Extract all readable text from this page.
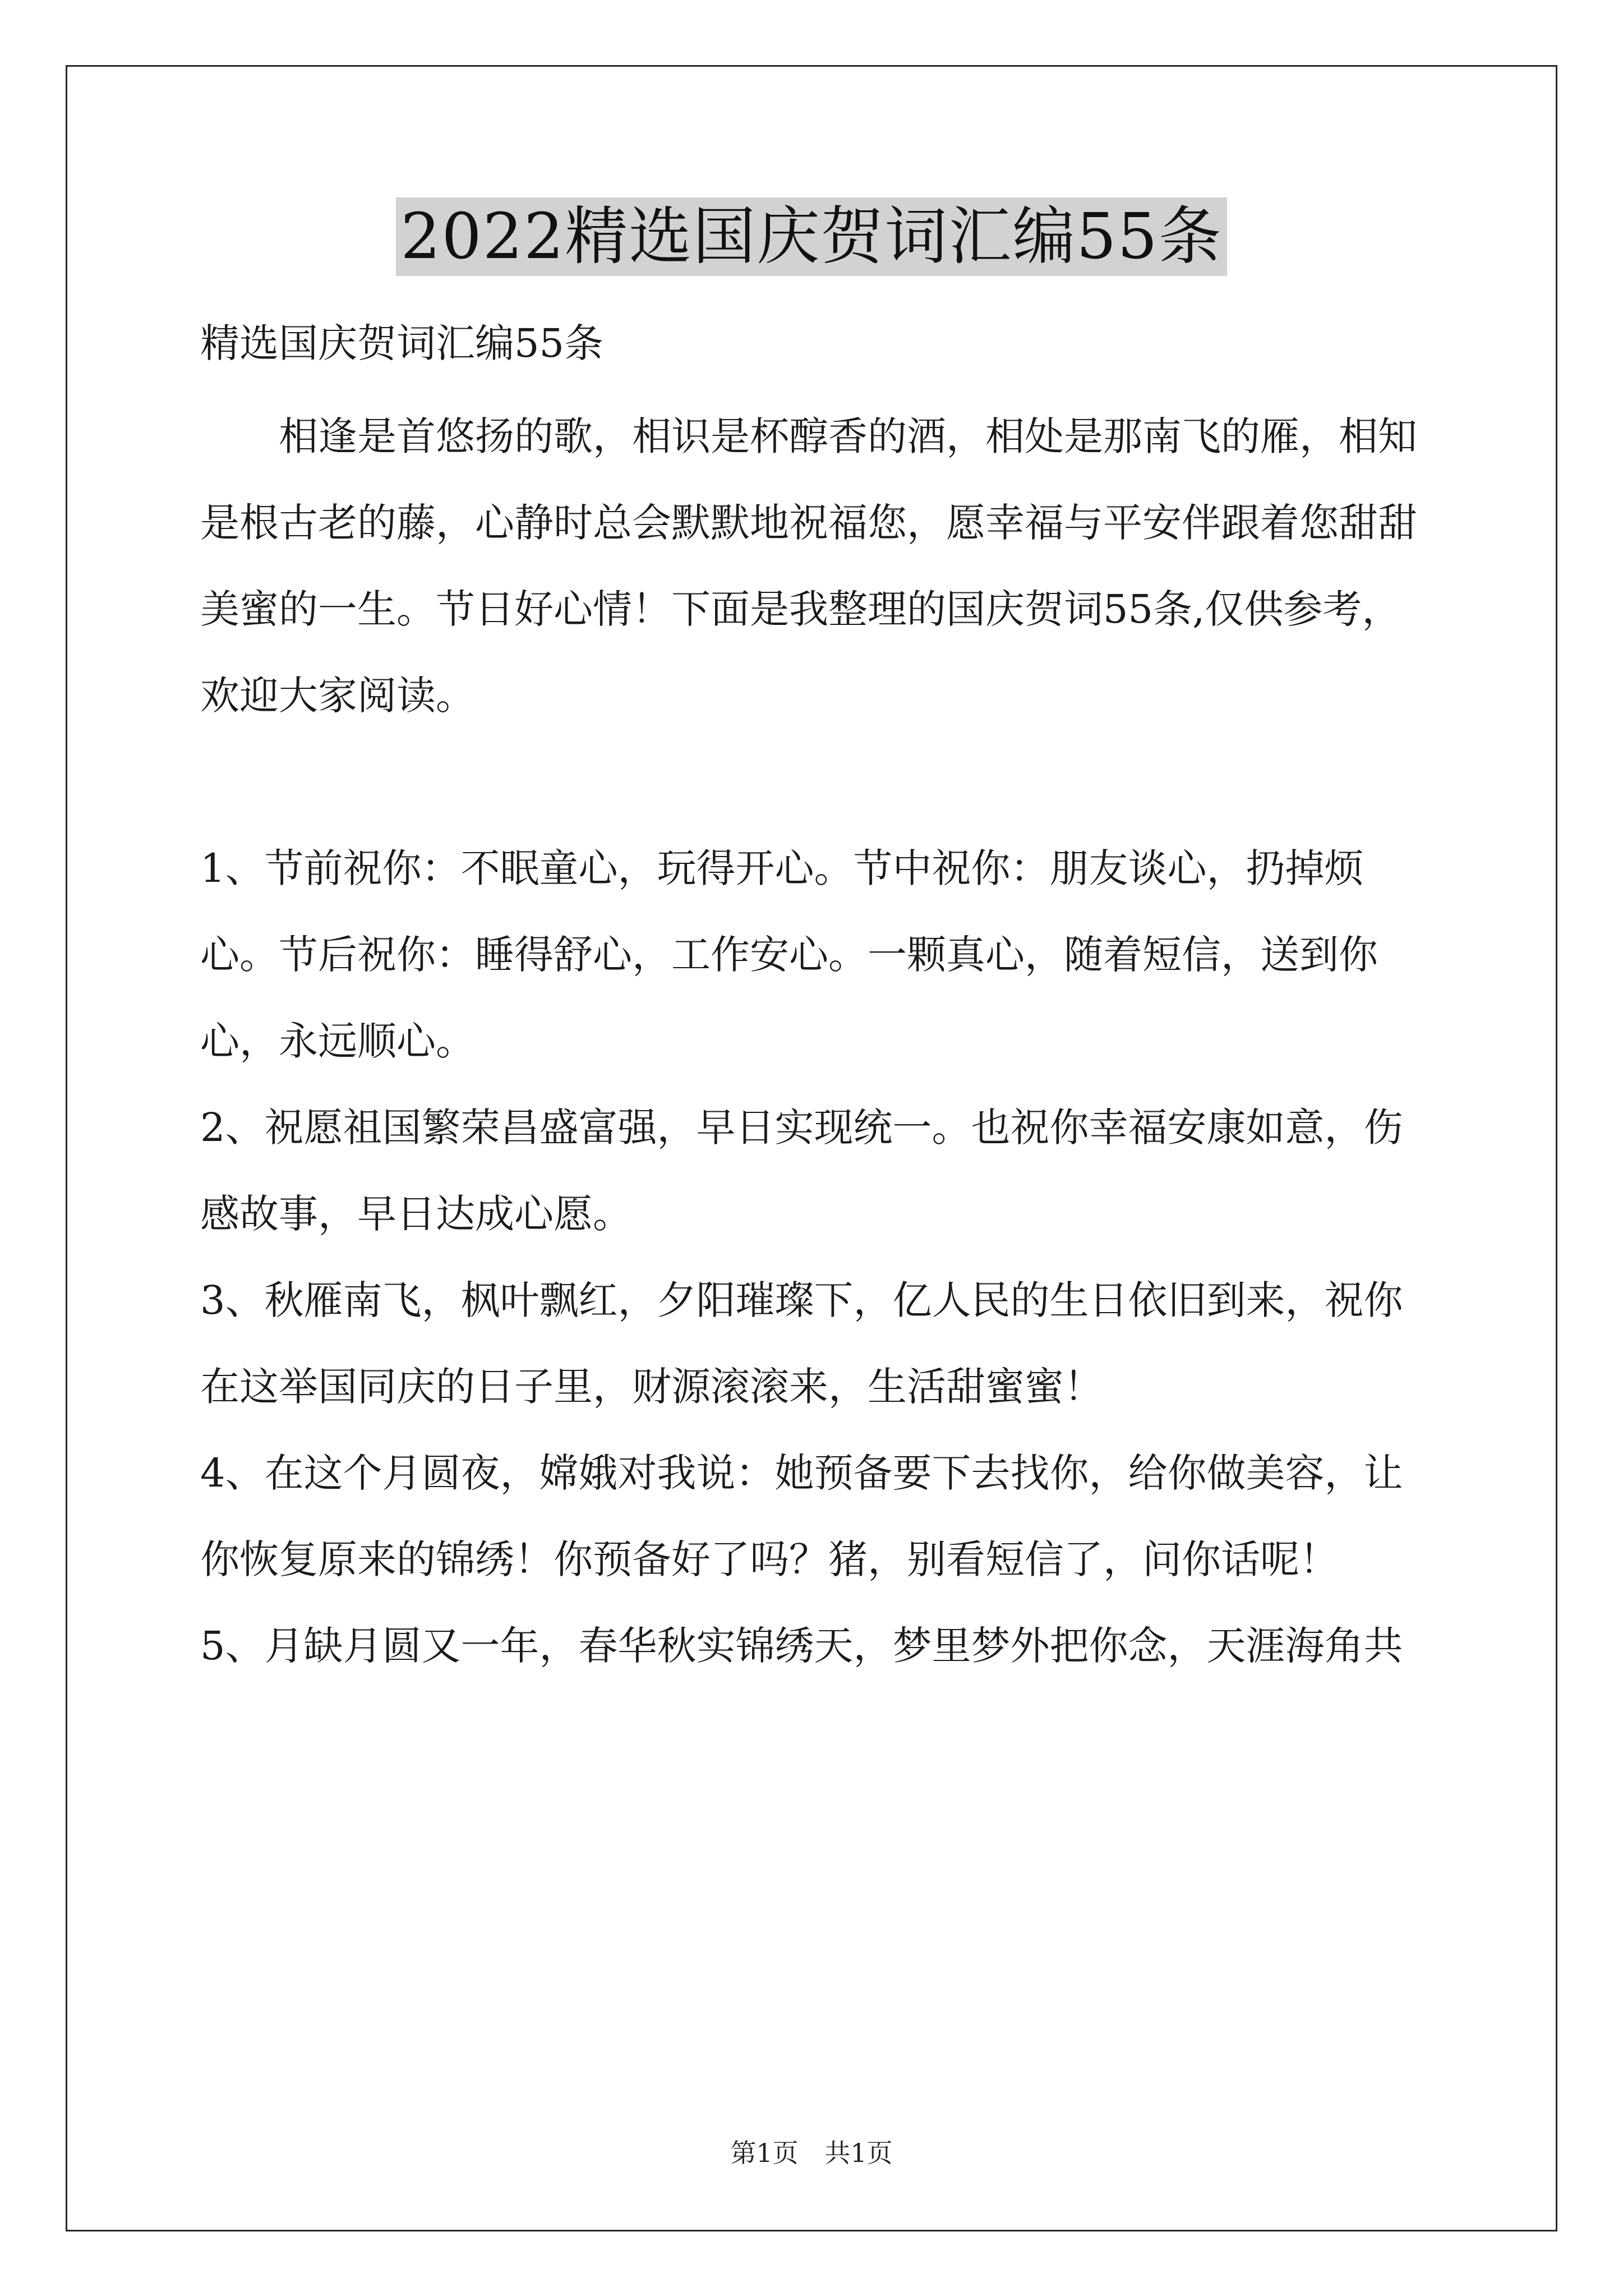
2022精选国庆贺词汇编55条

精选国庆贺词汇编55条

相逢是首悠扬的歌，相识是杯醇香的酒，相处是那南飞的雁，相知是根古老的藤，心静时总会默默地祝福您，愿幸福与平安伴跟着您甜甜美蜜的一生。节日好心情！下面是我整理的国庆贺词55条,仅供参考，欢迎大家阅读。

1、节前祝你：不眠童心，玩得开心。节中祝你：朋友谈心，扔掉烦心。节后祝你：睡得舒心，工作安心。一颗真心，随着短信，送到你心，永远顺心。

2、祝愿祖国繁荣昌盛富强，早日实现统一。也祝你幸福安康如意，伤感故事，早日达成心愿。

3、秋雁南飞，枫叶飘红，夕阳璀璨下，亿人民的生日依旧到来，祝你在这举国同庆的日子里，财源滚滚来，生活甜蜜蜜！

4、在这个月圆夜，嫦娥对我说：她预备要下去找你，给你做美容，让你恢复原来的锦绣！你预备好了吗？猪，别看短信了，问你话呢！

5、月缺月圆又一年，春华秋实锦绣天，梦里梦外把你念，天涯海角共

第1页 共1页
